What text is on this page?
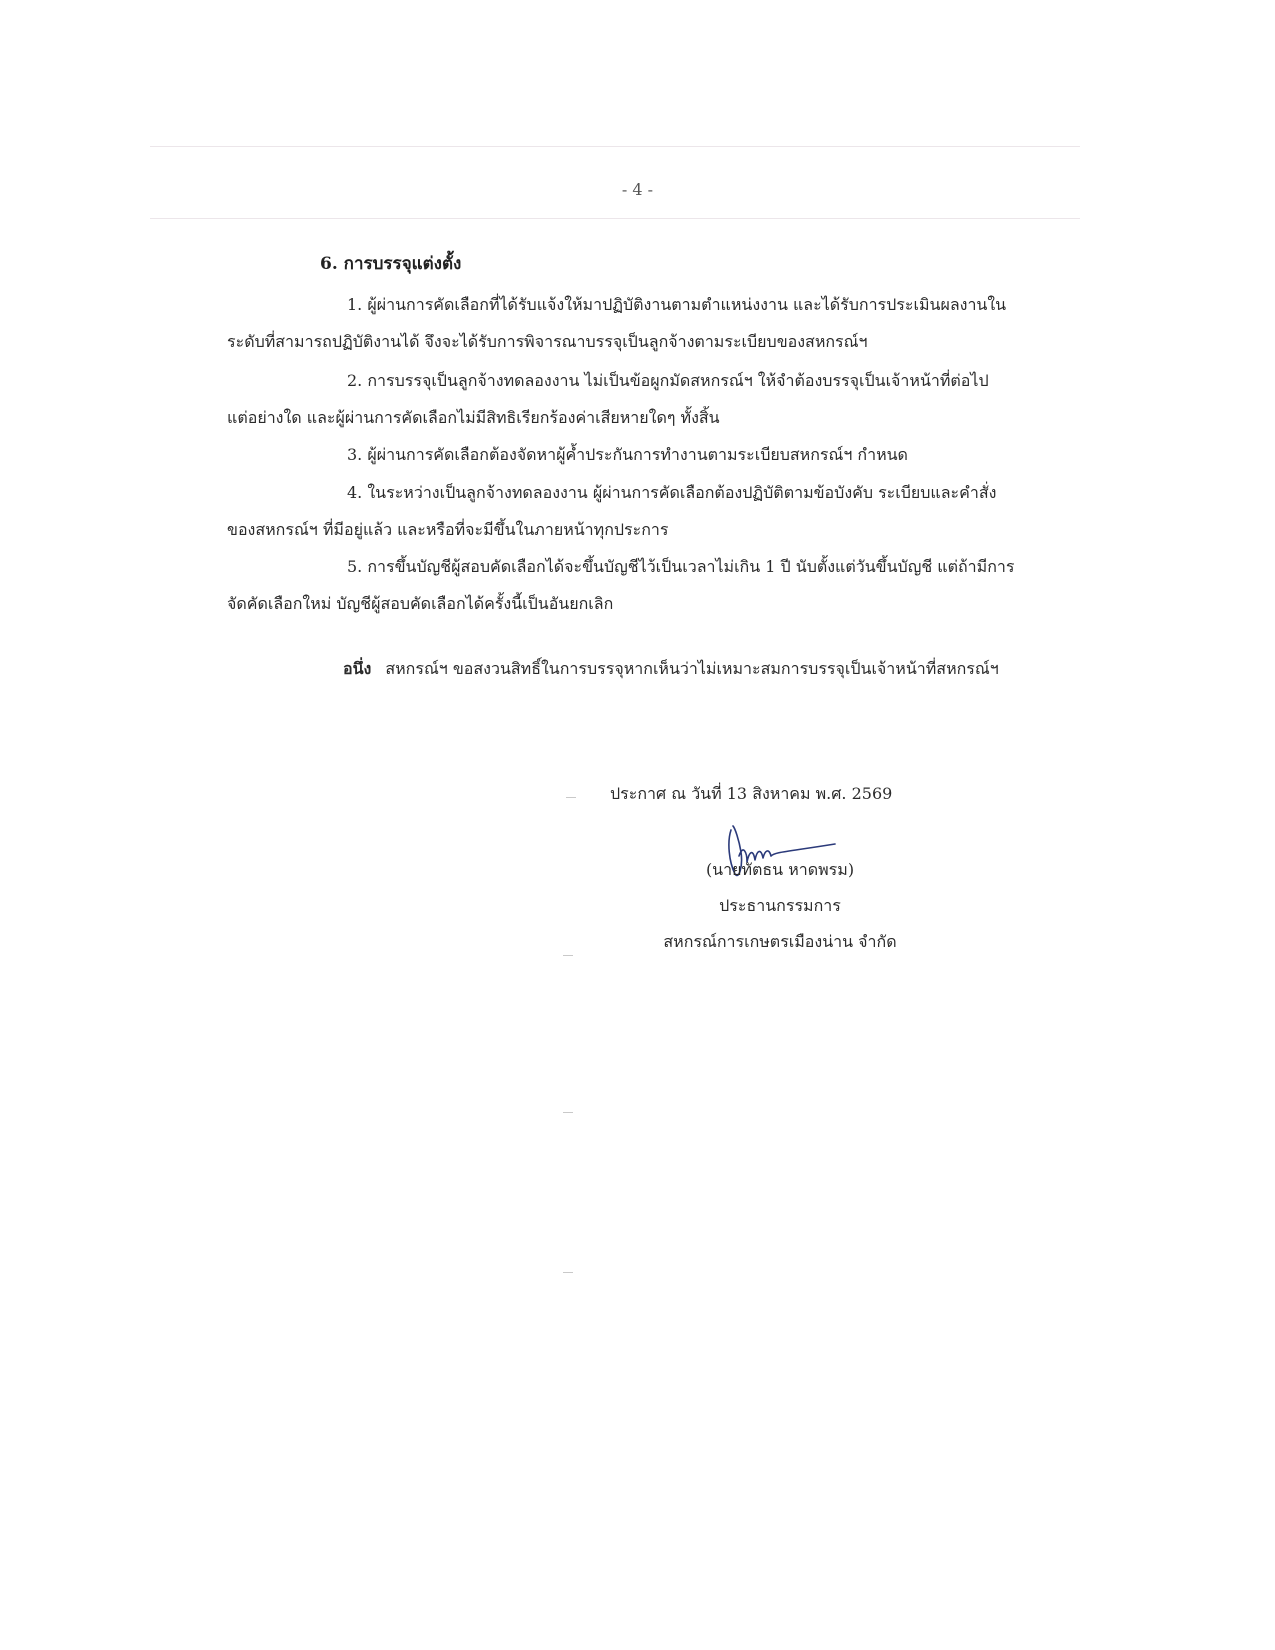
- 4 -
6. การบรรจุแต่งตั้ง
1. ผู้ผ่านการคัดเลือกที่ได้รับแจ้งให้มาปฏิบัติงานตามตำแหน่งงาน และได้รับการประเมินผลงานใน
ระดับที่สามารถปฏิบัติงานได้ จึงจะได้รับการพิจารณาบรรจุเป็นลูกจ้างตามระเบียบของสหกรณ์ฯ
2. การบรรจุเป็นลูกจ้างทดลองงาน ไม่เป็นข้อผูกมัดสหกรณ์ฯ ให้จำต้องบรรจุเป็นเจ้าหน้าที่ต่อไป
แต่อย่างใด และผู้ผ่านการคัดเลือกไม่มีสิทธิเรียกร้องค่าเสียหายใดๆ ทั้งสิ้น
3. ผู้ผ่านการคัดเลือกต้องจัดหาผู้ค้ำประกันการทำงานตามระเบียบสหกรณ์ฯ กำหนด
4. ในระหว่างเป็นลูกจ้างทดลองงาน ผู้ผ่านการคัดเลือกต้องปฏิบัติตามข้อบังคับ ระเบียบและคำสั่ง
ของสหกรณ์ฯ ที่มีอยู่แล้ว และหรือที่จะมีขึ้นในภายหน้าทุกประการ
5. การขึ้นบัญชีผู้สอบคัดเลือกได้จะขึ้นบัญชีไว้เป็นเวลาไม่เกิน 1 ปี นับตั้งแต่วันขึ้นบัญชี แต่ถ้ามีการ
จัดคัดเลือกใหม่ บัญชีผู้สอบคัดเลือกได้ครั้งนี้เป็นอันยกเลิก
อนึ่ง สหกรณ์ฯ ขอสงวนสิทธิ์ในการบรรจุหากเห็นว่าไม่เหมาะสมการบรรจุเป็นเจ้าหน้าที่สหกรณ์ฯ
ประกาศ ณ วันที่ 13 สิงหาคม พ.ศ. 2569
(นายทัตธน หาดพรม)
ประธานกรรมการ
สหกรณ์การเกษตรเมืองน่าน จำกัด
